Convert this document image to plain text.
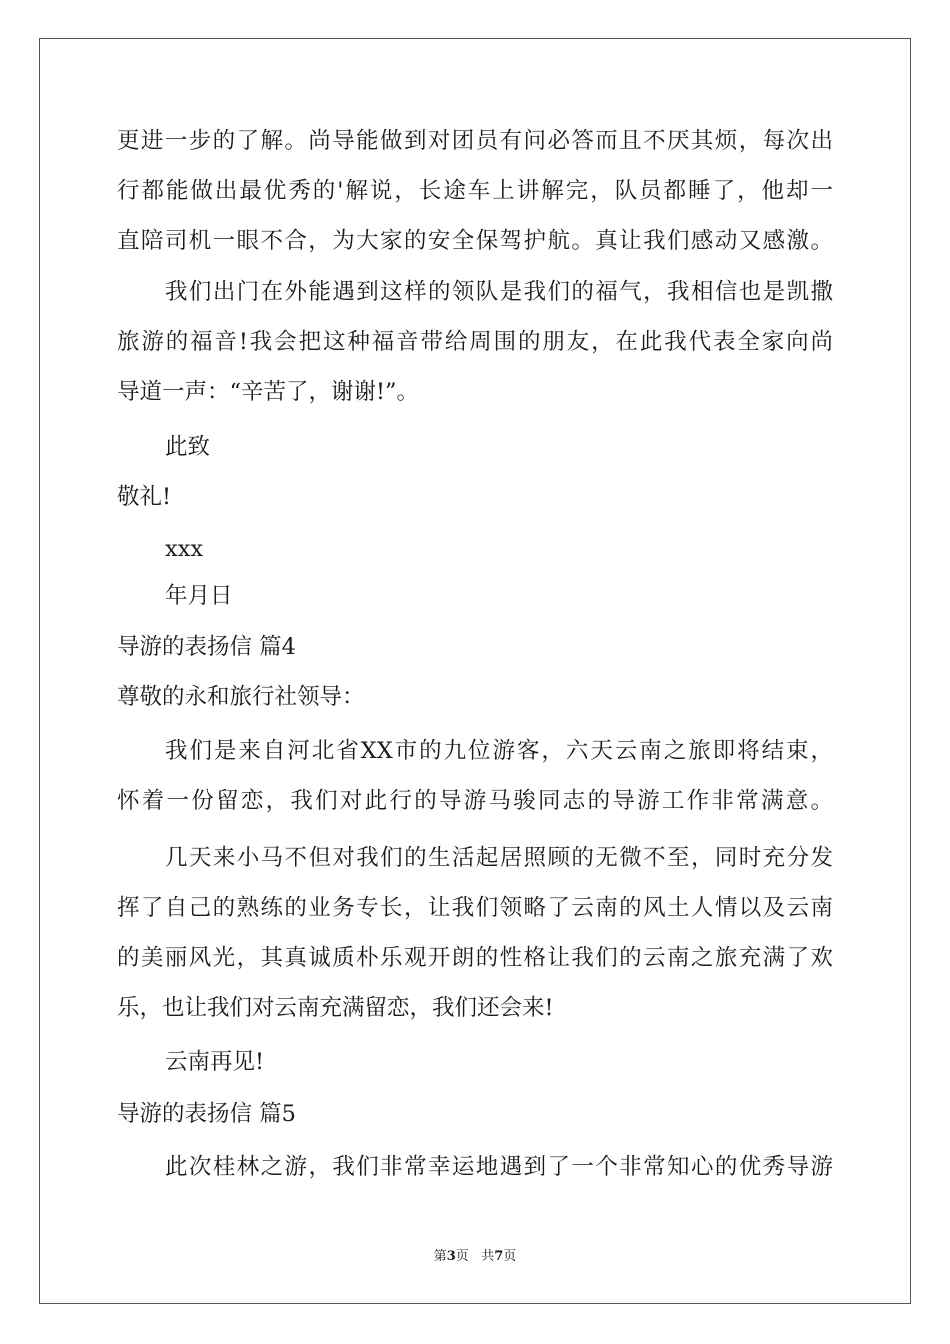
更进一步的了解。尚导能做到对团员有问必答而且不厌其烦，每次出
行都能做出最优秀的'解说，长途车上讲解完，队员都睡了，他却一
直陪司机一眼不合，为大家的安全保驾护航。真让我们感动又感激。
我们出门在外能遇到这样的领队是我们的福气，我相信也是凯撒
旅游的福音!我会把这种福音带给周围的朋友，在此我代表全家向尚
导道一声：“辛苦了，谢谢!”。
此致
敬礼!
xxx
年月日
导游的表扬信 篇4
尊敬的永和旅行社领导：
我们是来自河北省XX市的九位游客，六天云南之旅即将结束，
怀着一份留恋，我们对此行的导游马骏同志的导游工作非常满意。
几天来小马不但对我们的生活起居照顾的无微不至，同时充分发
挥了自己的熟练的业务专长，让我们领略了云南的风土人情以及云南
的美丽风光，其真诚质朴乐观开朗的性格让我们的云南之旅充满了欢
乐，也让我们对云南充满留恋，我们还会来!
云南再见!
导游的表扬信 篇5
此次桂林之游，我们非常幸运地遇到了一个非常知心的优秀导游
第3页   共7页
